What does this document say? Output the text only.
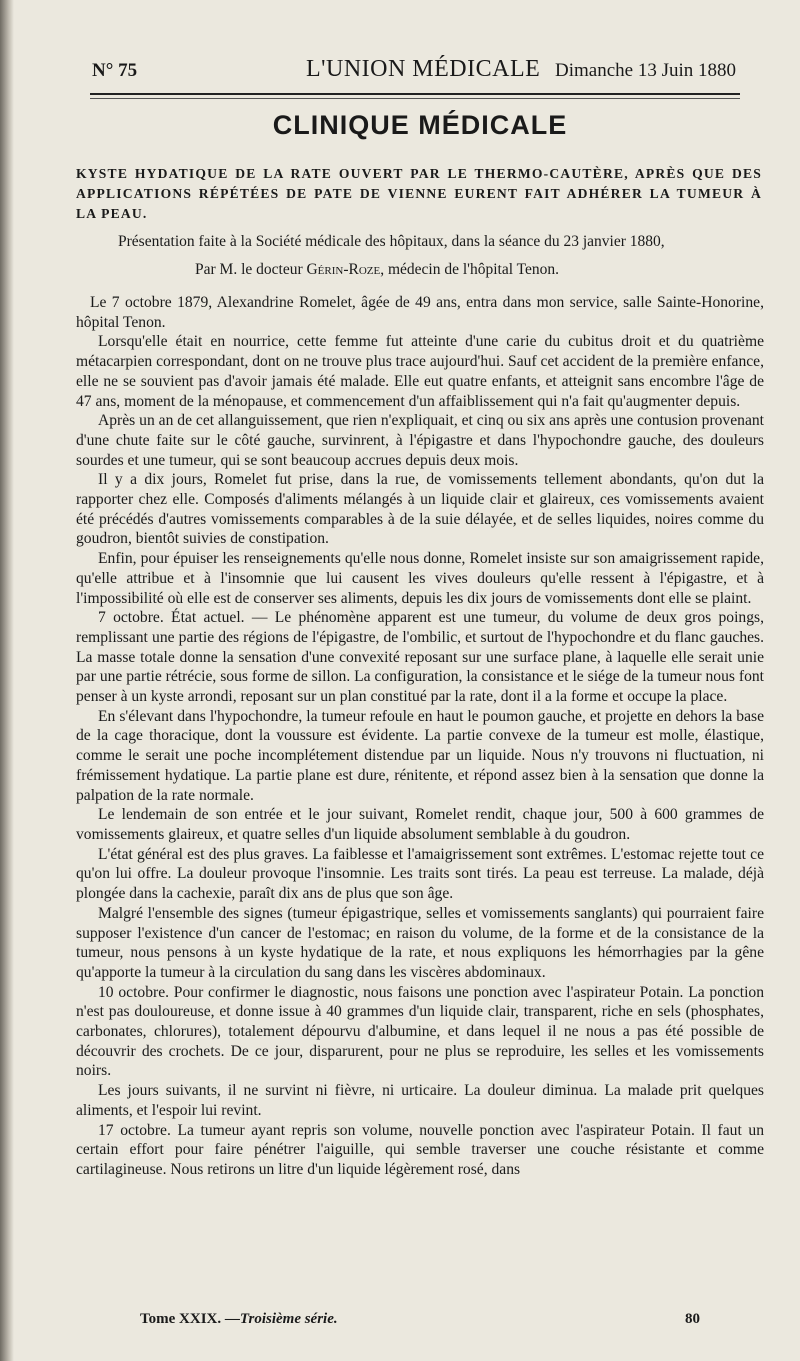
N° 75	L'UNION MÉDICALE Dimanche 13 Juin 1880
CLINIQUE MÉDICALE
KYSTE HYDATIQUE DE LA RATE OUVERT PAR LE THERMO-CAUTÈRE, APRÈS QUE DES APPLICATIONS RÉPÉTÉES DE PATE DE VIENNE EURENT FAIT ADHÉRER LA TUMEUR À LA PEAU.
Présentation faite à la Société médicale des hôpitaux, dans la séance du 23 janvier 1880,
Par M. le docteur Gérin-Roze, médecin de l'hôpital Tenon.

Le 7 octobre 1879, Alexandrine Romelet, âgée de 49 ans, entra dans mon service, salle Sainte-Honorine, hôpital Tenon.

Lorsqu'elle était en nourrice, cette femme fut atteinte d'une carie du cubitus droit et du quatrième métacarpien correspondant, dont on ne trouve plus trace aujourd'hui. Sauf cet accident de la première enfance, elle ne se souvient pas d'avoir jamais été malade. Elle eut quatre enfants, et atteignit sans encombre l'âge de 47 ans, moment de la ménopause, et commencement d'un affaiblissement qui n'a fait qu'augmenter depuis.

Après un an de cet allanguissement, que rien n'expliquait, et cinq ou six ans après une contusion provenant d'une chute faite sur le côté gauche, survinrent, à l'épigastre et dans l'hypochondre gauche, des douleurs sourdes et une tumeur, qui se sont beaucoup accrues depuis deux mois.

Il y a dix jours, Romelet fut prise, dans la rue, de vomissements tellement abondants, qu'on dut la rapporter chez elle. Composés d'aliments mélangés à un liquide clair et glaireux, ces vomissements avaient été précédés d'autres vomissements comparables à de la suie délayée, et de selles liquides, noires comme du goudron, bientôt suivies de constipation.

Enfin, pour épuiser les renseignements qu'elle nous donne, Romelet insiste sur son amaigrissement rapide, qu'elle attribue et à l'insomnie que lui causent les vives douleurs qu'elle ressent à l'épigastre, et à l'impossibilité où elle est de conserver ses aliments, depuis les dix jours de vomissements dont elle se plaint.

7 octobre. État actuel. — Le phénomène apparent est une tumeur, du volume de deux gros poings, remplissant une partie des régions de l'épigastre, de l'ombilic, et surtout de l'hypochondre et du flanc gauches. La masse totale donne la sensation d'une convexité reposant sur une surface plane, à laquelle elle serait unie par une partie rétrécie, sous forme de sillon. La configuration, la consistance et le siége de la tumeur nous font penser à un kyste arrondi, reposant sur un plan constitué par la rate, dont il a la forme et occupe la place.

En s'élevant dans l'hypochondre, la tumeur refoule en haut le poumon gauche, et projette en dehors la base de la cage thoracique, dont la voussure est évidente. La partie convexe de la tumeur est molle, élastique, comme le serait une poche incomplétement distendue par un liquide. Nous n'y trouvons ni fluctuation, ni frémissement hydatique. La partie plane est dure, rénitente, et répond assez bien à la sensation que donne la palpation de la rate normale.

Le lendemain de son entrée et le jour suivant, Romelet rendit, chaque jour, 500 à 600 grammes de vomissements glaireux, et quatre selles d'un liquide absolument semblable à du goudron.

L'état général est des plus graves. La faiblesse et l'amaigrissement sont extrêmes. L'estomac rejette tout ce qu'on lui offre. La douleur provoque l'insomnie. Les traits sont tirés. La peau est terreuse. La malade, déjà plongée dans la cachexie, paraît dix ans de plus que son âge.

Malgré l'ensemble des signes (tumeur épigastrique, selles et vomissements sanglants) qui pourraient faire supposer l'existence d'un cancer de l'estomac; en raison du volume, de la forme et de la consistance de la tumeur, nous pensons à un kyste hydatique de la rate, et nous expliquons les hémorrhagies par la gêne qu'apporte la tumeur à la circulation du sang dans les viscères abdominaux.

10 octobre. Pour confirmer le diagnostic, nous faisons une ponction avec l'aspirateur Potain. La ponction n'est pas douloureuse, et donne issue à 40 grammes d'un liquide clair, transparent, riche en sels (phosphates, carbonates, chlorures), totalement dépourvu d'albumine, et dans lequel il ne nous a pas été possible de découvrir des crochets. De ce jour, disparurent, pour ne plus se reproduire, les selles et les vomissements noirs.

Les jours suivants, il ne survint ni fièvre, ni urticaire. La douleur diminua. La malade prit quelques aliments, et l'espoir lui revint.

17 octobre. La tumeur ayant repris son volume, nouvelle ponction avec l'aspirateur Potain. Il faut un certain effort pour faire pénétrer l'aiguille, qui semble traverser une couche résistante et comme cartilagineuse. Nous retirons un litre d'un liquide légèrement rosé, dans

Tome XXIX. — Troisième série.	80
